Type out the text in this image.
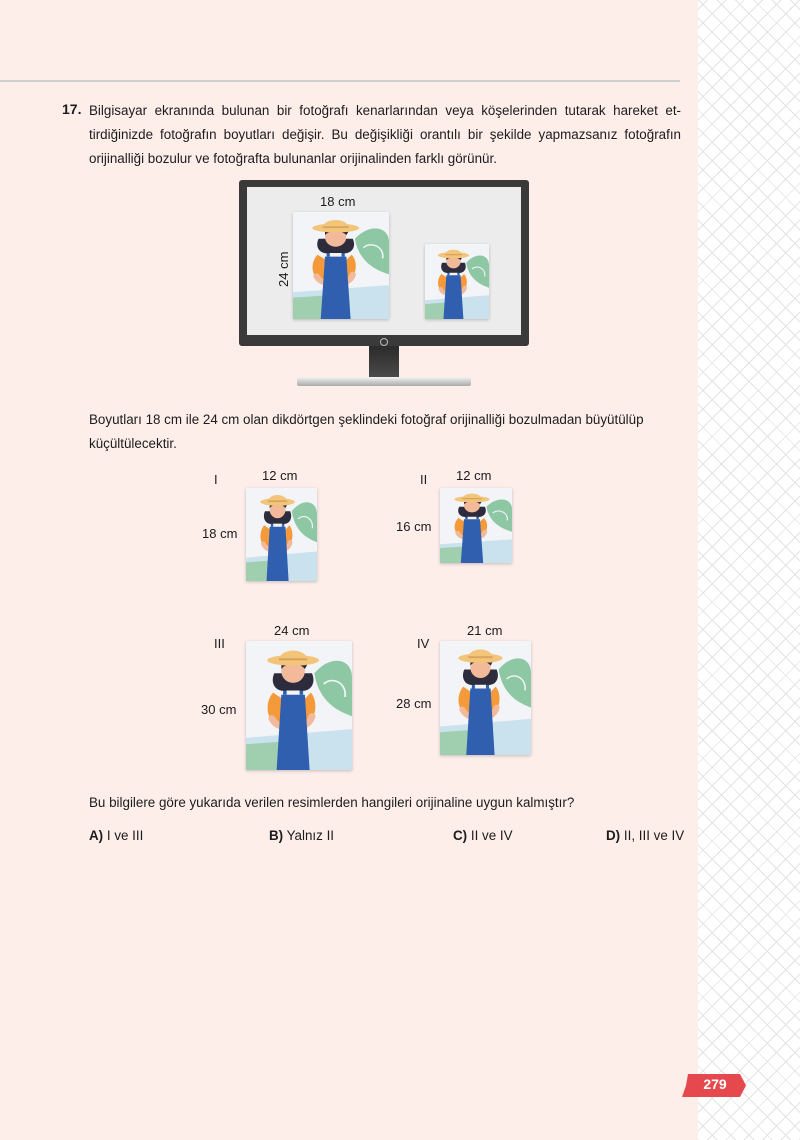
17. Bilgisayar ekranında bulunan bir fotoğrafı kenarlarından veya köşelerinden tutarak hareket et-tirdiğinizde fotoğrafın boyutları değişir. Bu değişikliği orantılı bir şekilde yapmazsanız fotoğrafın orijinalliği bozulur ve fotoğrafta bulunanlar orijinalinden farklı görünür.
18 cm
24 cm
Boyutları 18 cm ile 24 cm olan dikdörtgen şeklindeki fotoğraf orijinalliği bozulmadan büyütülüp küçültülecektir.
I	12 cm
18 cm
II 12 cm
16 cm
III
24 cm
30 cm
IV
21 cm
28 cm
Bu bilgilere göre yukarıda verilen resimlerden hangileri orijinaline uygun kalmıştır?
A) I ve III	B) Yalnız II	C) II ve IV	D) II, III ve IV
279
